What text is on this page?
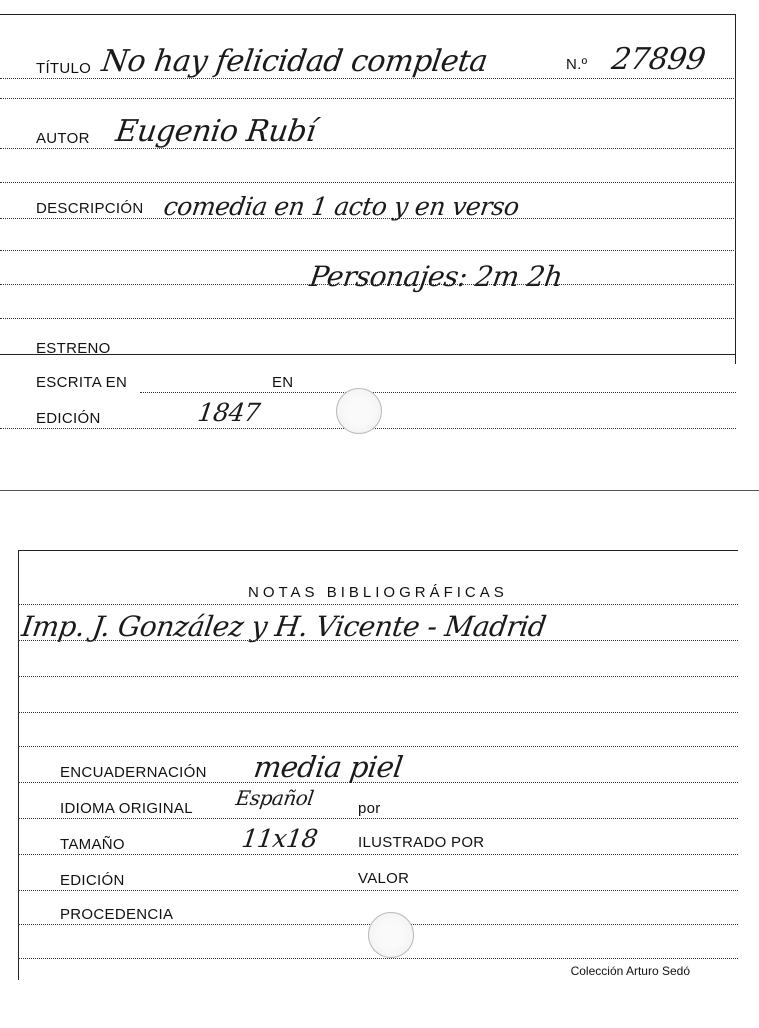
TÍTULO No hay felicidad completa	N.º 27899
AUTOR Eugenio Rubí
DESCRIPCIÓN comedia en 1 acto y en verso
Personajes: 2m 2h
ESTRENO
ESCRITA EN	EN
EDICIÓN	1847
NOTAS BIBLIOGRÁFICAS
Imp. J. González y H. Vicente - Madrid
ENCUADERNACIÓN media piel
IDIOMA ORIGINAL Español	por
TAMAÑO	11x18	ILUSTRADO POR
EDICIÓN	VALOR
PROCEDENCIA
Colección Arturo Sedó
